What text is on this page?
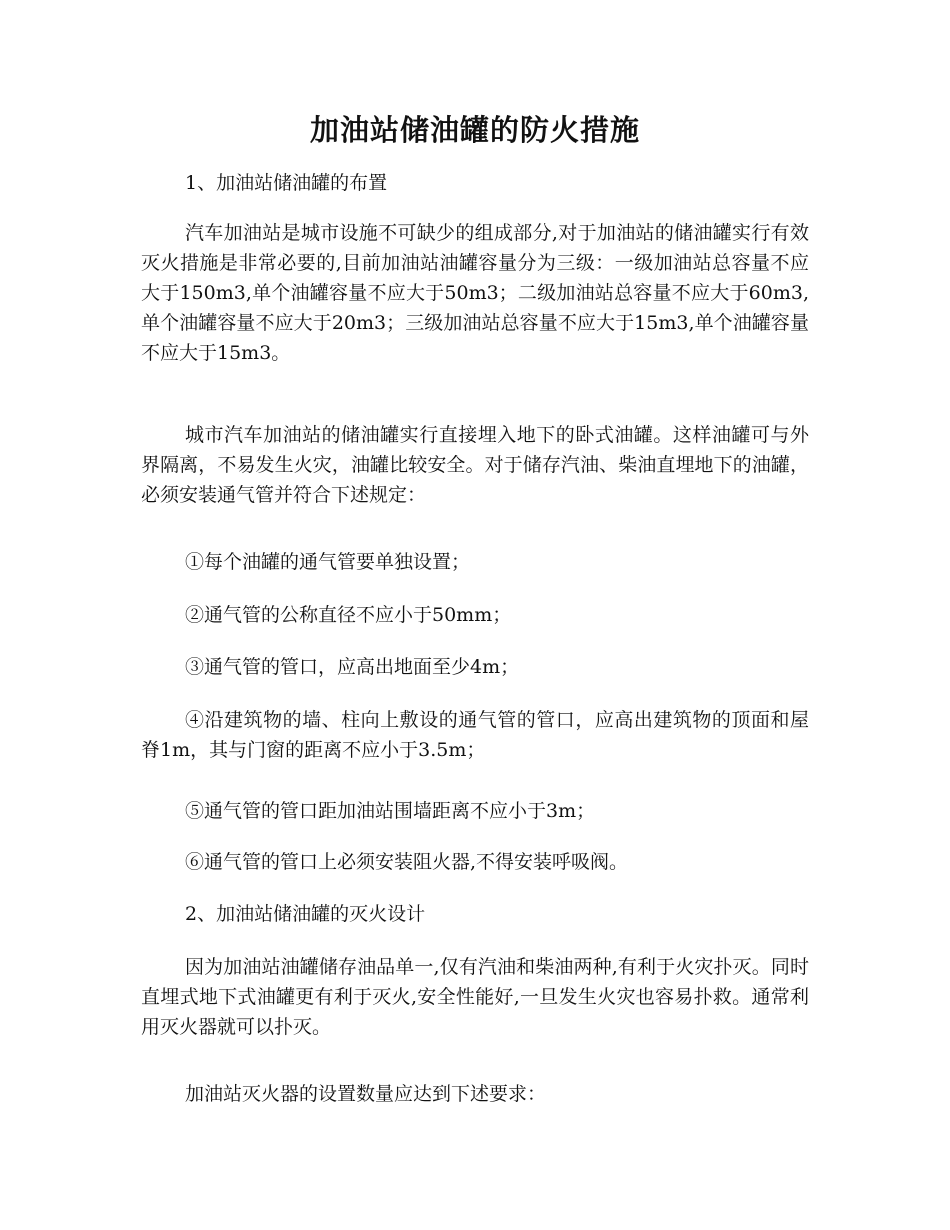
加油站储油罐的防火措施

1、加油站储油罐的布置

汽车加油站是城市设施不可缺少的组成部分,对于加油站的储油罐实行有效灭火措施是非常必要的,目前加油站油罐容量分为三级：一级加油站总容量不应大于150m3,单个油罐容量不应大于50m3；二级加油站总容量不应大于60m3,单个油罐容量不应大于20m3；三级加油站总容量不应大于15m3,单个油罐容量不应大于15m3。

城市汽车加油站的储油罐实行直接埋入地下的卧式油罐。这样油罐可与外界隔离，不易发生火灾，油罐比较安全。对于储存汽油、柴油直埋地下的油罐，必须安装通气管并符合下述规定：

①每个油罐的通气管要单独设置；

②通气管的公称直径不应小于50mm；

③通气管的管口，应高出地面至少4m；

④沿建筑物的墙、柱向上敷设的通气管的管口，应高出建筑物的顶面和屋脊1m，其与门窗的距离不应小于3.5m；

⑤通气管的管口距加油站围墙距离不应小于3m；

⑥通气管的管口上必须安装阻火器,不得安装呼吸阀。

2、加油站储油罐的灭火设计

因为加油站油罐储存油品单一,仅有汽油和柴油两种,有利于火灾扑灭。同时直埋式地下式油罐更有利于灭火,安全性能好,一旦发生火灾也容易扑救。通常利用灭火器就可以扑灭。

加油站灭火器的设置数量应达到下述要求：
